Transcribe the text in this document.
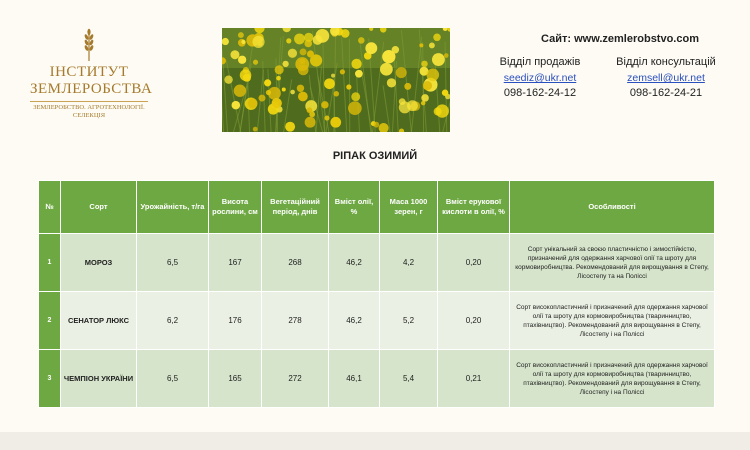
ІНСТИТУТ
ЗЕМЛЕРОБСТВА
ЗЕМЛЕРОБСТВО. АГРОТЕХНОЛОГІЇ. СЕЛЕКЦІЯ
Сайт: www.zemlerobstvo.com
Відділ продажів
seediz@ukr.net
098-162-24-12
Відділ консультацій
zemsell@ukr.net
098-162-24-21
РІПАК ОЗИМИЙ
№	Сорт	Урожайність, т/га	Висота рослини, см	Вегетаційний період, днів	Вміст олії, %	Маса 1000 зерен, г	Вміст ерукової кислоти в олії, %	Особливості
1	МОРОЗ	6,5	167	268	46,2	4,2	0,20	Сорт унікальний за своєю пластичністю і зимостійкістю, призначений для одержання харчової олії та шроту для кормовиробництва. Рекомендований для вирощування в Степу, Лісостепу та на Поліссі
2	СЕНАТОР ЛЮКС	6,2	176	278	46,2	5,2	0,20	Сорт високопластичний і призначений для одержання харчової олії та шроту для кормовиробництва (тваринництво, птахівництво). Рекомендований для вирощування в Степу, Лісостепу і на Поліссі
3	ЧЕМПІОН УКРАЇНИ	6,5	165	272	46,1	5,4	0,21	Сорт високопластичний і призначений для одержання харчової олії та шроту для кормовиробництва (тваринництво, птахівництво). Рекомендований для вирощування в Степу, Лісостепу і на Поліссі
